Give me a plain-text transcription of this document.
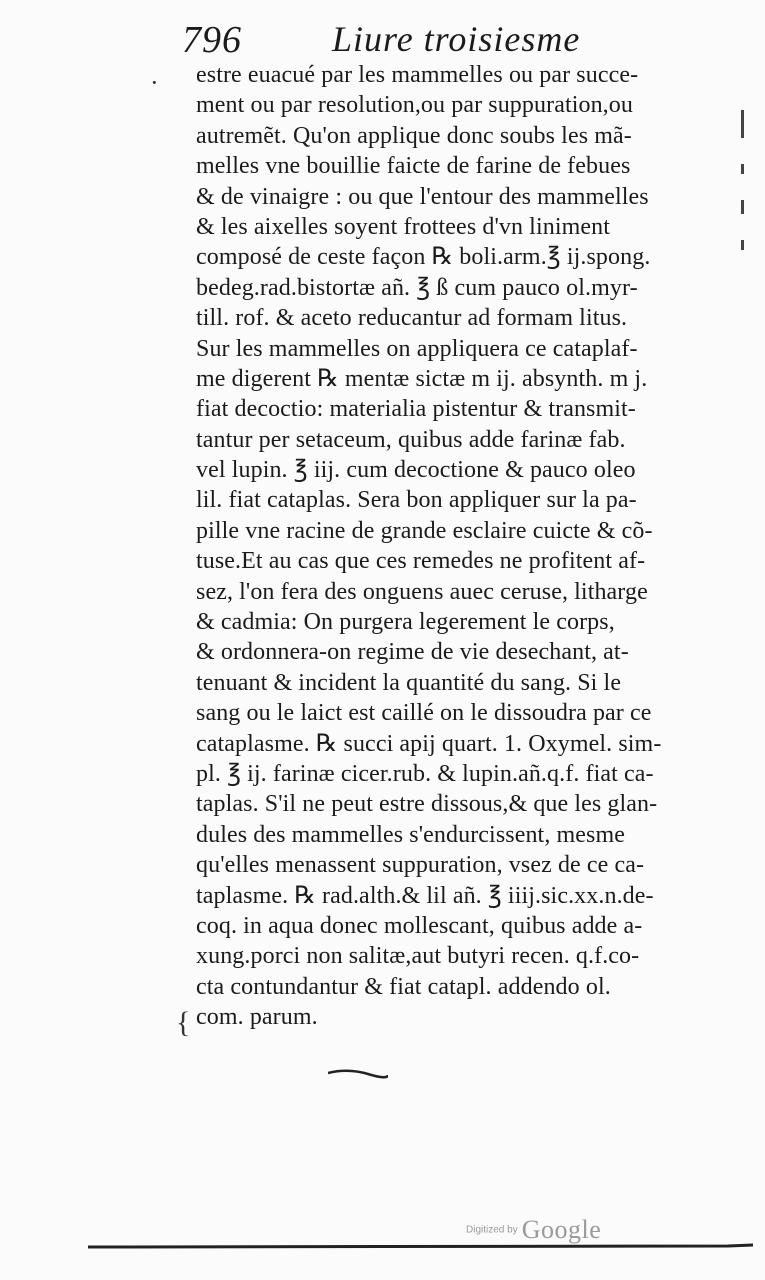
796	Liure troisiesme
· estre euacué par les mammelles ou par succe-
ment ou par resolution,ou par suppuration,ou
autremẽt. Qu'on applique donc soubs les mã-
melles vne bouillie faicte de farine de febues
& de vinaigre : ou que l'entour des mammelles
& les aixelles soyent frottees d'vn liniment
composé de ceste façon ℞ boli.arm.℥ ij.spong.
bedeg.rad.bistortæ añ. ℥ ß cum pauco ol.myr-
till. rof. & aceto reducantur ad formam litus.
Sur les mammelles on appliquera ce cataplaf-
me digerent ℞ mentæ sictæ m ij. absynth. m j.
fiat decoctio: materialia pistentur & transmit-
tantur per setaceum, quibus adde farinæ fab.
vel lupin. ℥ iij. cum decoctione & pauco oleo
lil. fiat cataplas. Sera bon appliquer sur la pa-
pille vne racine de grande esclaire cuicte & cõ-
tuse.Et au cas que ces remedes ne profitent af-
sez, l'on fera des onguens auec ceruse, litharge
& cadmia: On purgera legerement le corps,
& ordonnera-on regime de vie desechant, at-
tenuant & incident la quantité du sang. Si le
sang ou le laict est caillé on le dissoudra par ce
cataplasme. ℞ succi apij quart. 1. Oxymel. sim-
pl. ℥ ij. farinæ cicer.rub. & lupin.añ.q.f. fiat ca-
taplas. S'il ne peut estre dissous,& que les glan-
dules des mammelles s'endurcissent, mesme
qu'elles menassent suppuration, vsez de ce ca-
taplasme. ℞ rad.alth.& lil añ. ℥ iiij.sic.xx.n.de-
coq. in aqua donec mollescant, quibus adde a-
xung.porci non salitæ,aut butyri recen. q.f.co-
cta contundantur & fiat catapl. addendo ol.
com. parum.
{
Digitized by Google
